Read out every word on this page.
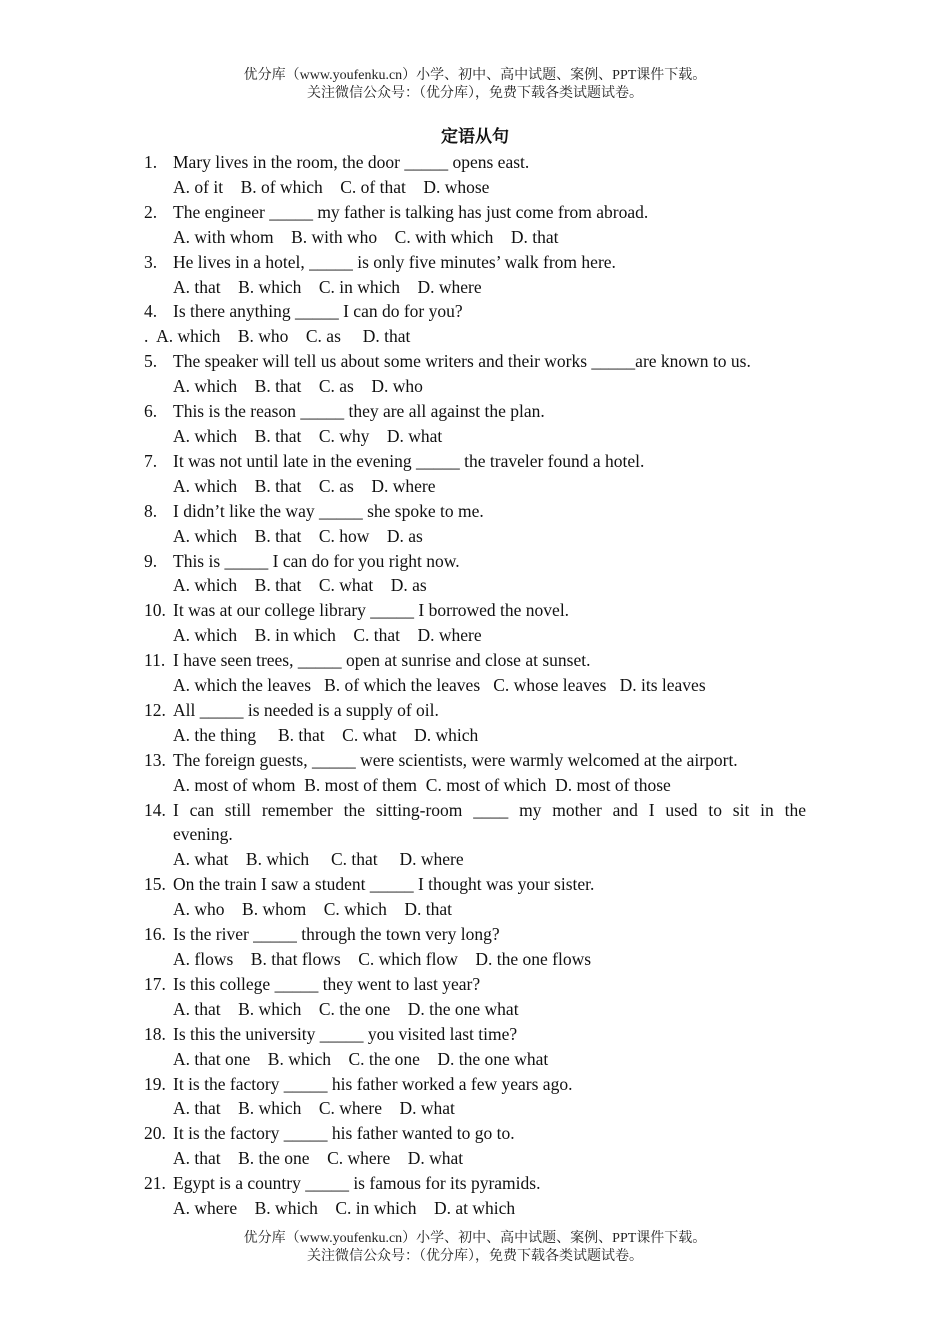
优分库（www.youfenku.cn）小学、初中、高中试题、案例、PPT课件下载。
关注微信公众号：（优分库），免费下载各类试题试卷。
定语从句
1. Mary lives in the room, the door _____ opens east.
A. of it    B. of which    C. of that    D. whose
2. The engineer _____ my father is talking has just come from abroad.
A. with whom    B. with who    C. with which    D. that
3. He lives in a hotel, _____ is only five minutes’ walk from here.
A. that    B. which    C. in which    D. where
4. Is there anything _____ I can do for you?
.  A. which    B. who    C. as     D. that
5. The speaker will tell us about some writers and their works _____are known to us.
A. which    B. that    C. as    D. who
6. This is the reason _____ they are all against the plan.
A. which    B. that    C. why    D. what
7. It was not until late in the evening _____ the traveler found a hotel.
A. which    B. that    C. as    D. where
8. I didn’t like the way _____ she spoke to me.
A. which    B. that    C. how    D. as
9. This is _____ I can do for you right now.
A. which    B. that    C. what    D. as
10. It was at our college library _____ I borrowed the novel.
A. which    B. in which    C. that    D. where
11. I have seen trees, _____ open at sunrise and close at sunset.
A. which the leaves   B. of which the leaves   C. whose leaves   D. its leaves
12. All _____ is needed is a supply of oil.
A. the thing     B. that    C. what    D. which
13. The foreign guests, _____ were scientists, were warmly welcomed at the airport.
A. most of whom  B. most of them  C. most of which  D. most of those
14. I can still remember the sitting-room ____ my mother and I used to sit in the
evening.
A. what    B. which     C. that     D. where
15. On the train I saw a student _____ I thought was your sister.
A. who    B. whom    C. which    D. that
16. Is the river _____ through the town very long?
A. flows    B. that flows    C. which flow    D. the one flows
17. Is this college _____ they went to last year?
A. that    B. which    C. the one    D. the one what
18. Is this the university _____ you visited last time?
A. that one    B. which    C. the one    D. the one what
19. It is the factory _____ his father worked a few years ago.
A. that    B. which    C. where    D. what
20. It is the factory _____ his father wanted to go to.
A. that    B. the one    C. where    D. what
21. Egypt is a country _____ is famous for its pyramids.
A. where    B. which    C. in which    D. at which
优分库（www.youfenku.cn）小学、初中、高中试题、案例、PPT课件下载。
关注微信公众号：（优分库），免费下载各类试题试卷。
